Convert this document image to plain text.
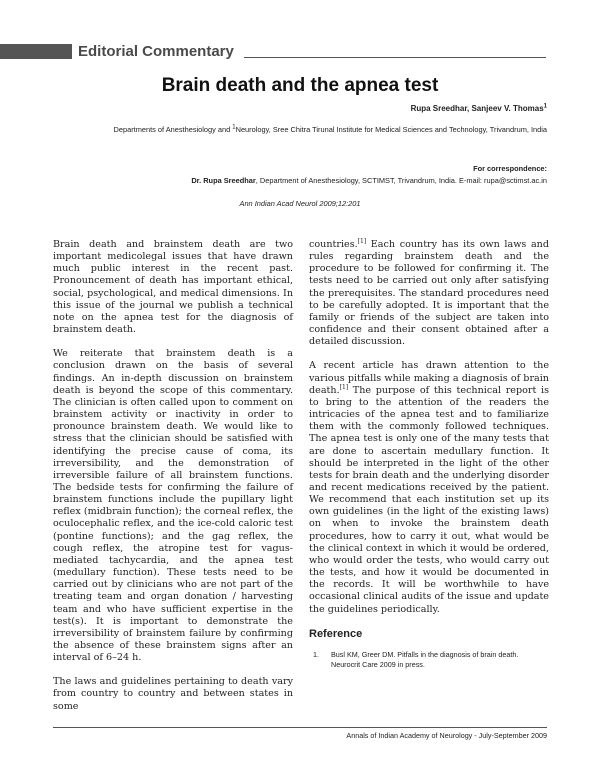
Editorial Commentary
Brain death and the apnea test
Rupa Sreedhar, Sanjeev V. Thomas$^1$
Departments of Anesthesiology and $^1$Neurology, Sree Chitra Tirunal Institute for Medical Sciences and Technology, Trivandrum, India
For correspondence:
Dr. Rupa Sreedhar, Department of Anesthesiology, SCTIMST, Trivandrum, India. E-mail: rupa@sctimst.ac.in
Ann Indian Acad Neurol 2009;12:201

Brain death and brainstem death are two important medicolegal issues that have drawn much public interest in the recent past. Pronouncement of death has important ethical, social, psychological, and medical dimensions. In this issue of the journal we publish a technical note on the apnea test for the diagnosis of brainstem death.

We reiterate that brainstem death is a conclusion drawn on the basis of several findings. An in-depth discussion on brainstem death is beyond the scope of this commentary. The clinician is often called upon to comment on brainstem activity or inactivity in order to pronounce brainstem death. We would like to stress that the clinician should be satisfied with identifying the precise cause of coma, its irreversibility, and the demonstration of irreversible failure of all brainstem functions. The bedside tests for confirming the failure of brainstem functions include the pupillary light reflex (midbrain function); the corneal reflex, the oculocephalic reflex, and the ice-cold caloric test (pontine functions); and the gag reflex, the cough reflex, the atropine test for vagus-mediated tachycardia, and the apnea test (medullary function). These tests need to be carried out by clinicians who are not part of the treating team and organ donation / harvesting team and who have sufficient expertise in the test(s). It is important to demonstrate the irreversibility of brainstem failure by confirming the absence of these brainstem signs after an interval of 6–24 h.

The laws and guidelines pertaining to death vary from country to country and between states in some

countries.[1] Each country has its own laws and rules regarding brainstem death and the procedure to be followed for confirming it. The tests need to be carried out only after satisfying the prerequisites. The standard procedures need to be carefully adopted. It is important that the family or friends of the subject are taken into confidence and their consent obtained after a detailed discussion.

A recent article has drawn attention to the various pitfalls while making a diagnosis of brain death.[1] The purpose of this technical report is to bring to the attention of the readers the intricacies of the apnea test and to familiarize them with the commonly followed techniques. The apnea test is only one of the many tests that are done to ascertain medullary function. It should be interpreted in the light of the other tests for brain death and the underlying disorder and recent medications received by the patient. We recommend that each institution set up its own guidelines (in the light of the existing laws) on when to invoke the brainstem death procedures, how to carry it out, what would be the clinical context in which it would be ordered, who would order the tests, who would carry out the tests, and how it would be documented in the records. It will be worthwhile to have occasional clinical audits of the issue and update the guidelines periodically.

Reference
1.	Busl KM, Greer DM. Pitfalls in the diagnosis of brain death. Neurocrit Care 2009 in press.
Annals of Indian Academy of Neurology - July-September 2009
